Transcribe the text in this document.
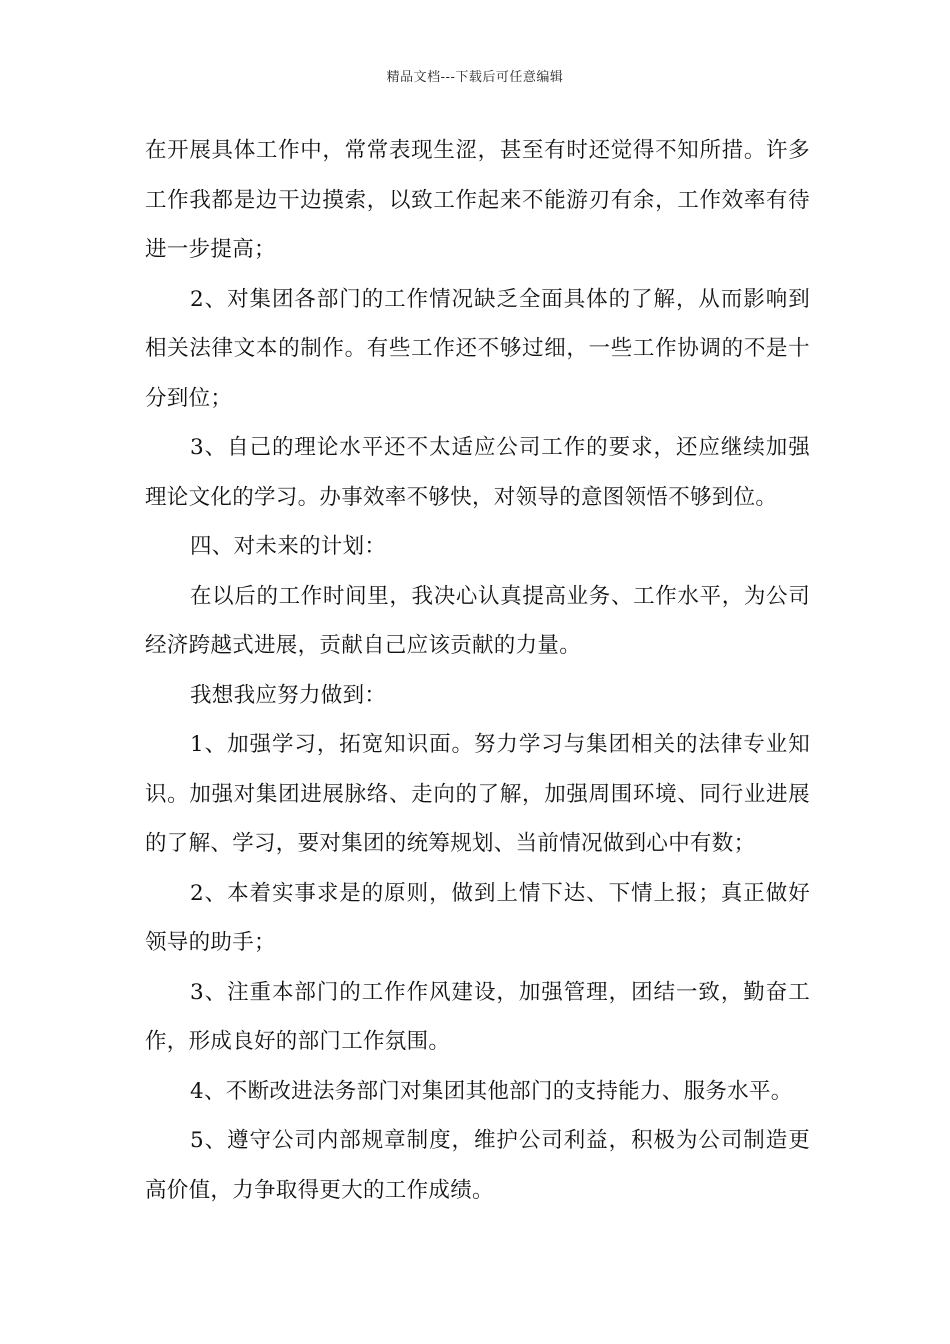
精品文档---下载后可任意编辑

在开展具体工作中，常常表现生涩，甚至有时还觉得不知所措。许多工作我都是边干边摸索，以致工作起来不能游刃有余，工作效率有待进一步提高；

2、对集团各部门的工作情况缺乏全面具体的了解，从而影响到相关法律文本的制作。有些工作还不够过细，一些工作协调的不是十分到位；

3、自己的理论水平还不太适应公司工作的要求，还应继续加强理论文化的学习。办事效率不够快，对领导的意图领悟不够到位。

四、对未来的计划：

在以后的工作时间里，我决心认真提高业务、工作水平，为公司经济跨越式进展，贡献自己应该贡献的力量。

我想我应努力做到：

1、加强学习，拓宽知识面。努力学习与集团相关的法律专业知识。加强对集团进展脉络、走向的了解，加强周围环境、同行业进展的了解、学习，要对集团的统筹规划、当前情况做到心中有数；

2、本着实事求是的原则，做到上情下达、下情上报；真正做好领导的助手；

3、注重本部门的工作作风建设，加强管理，团结一致，勤奋工作，形成良好的部门工作氛围。

4、不断改进法务部门对集团其他部门的支持能力、服务水平。

5、遵守公司内部规章制度，维护公司利益，积极为公司制造更高价值，力争取得更大的工作成绩。
